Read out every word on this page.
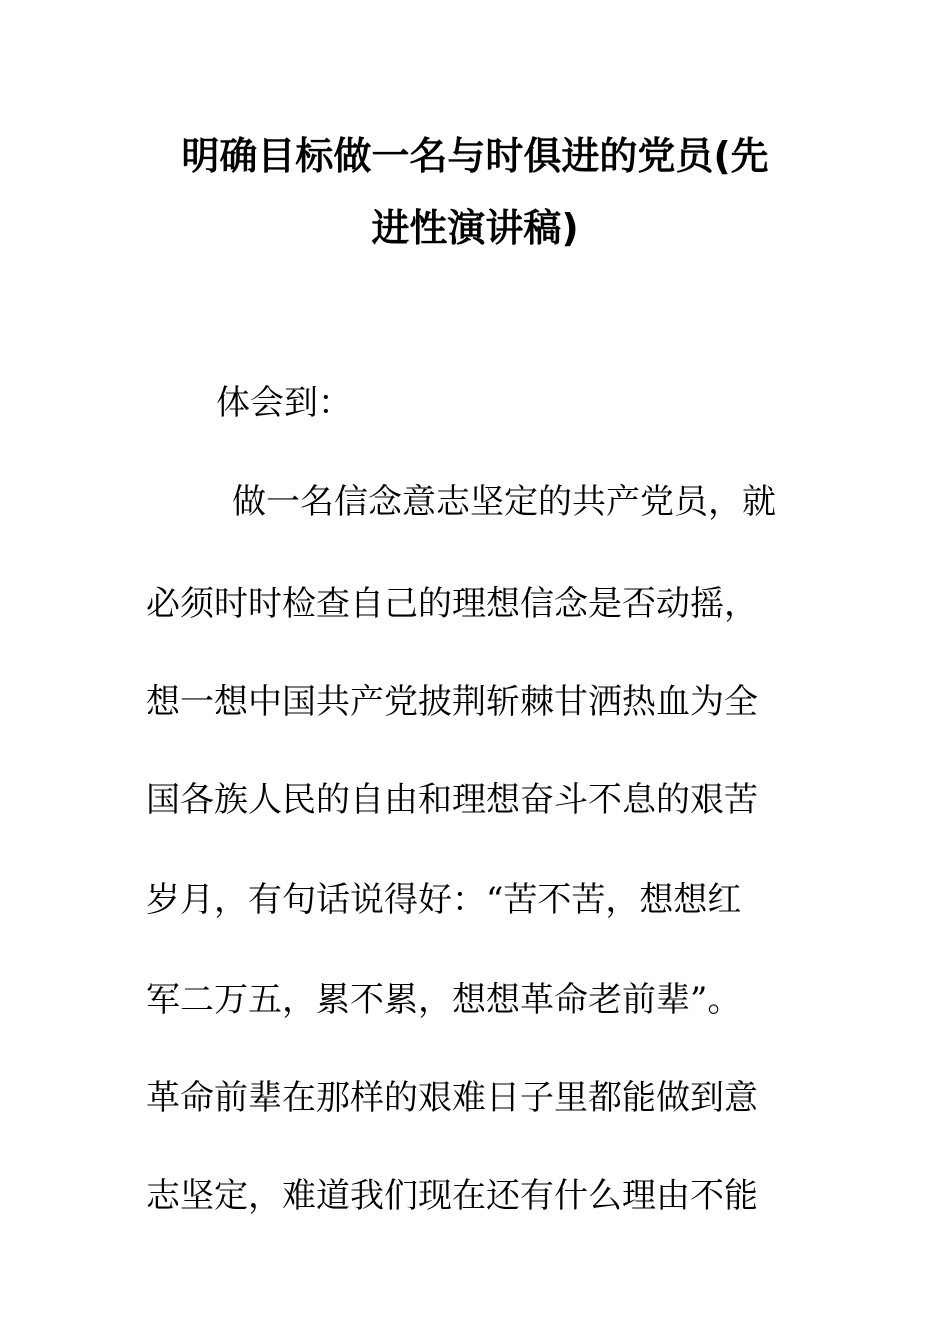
明确目标做一名与时俱进的党员(先
进性演讲稿)
体会到：
做一名信念意志坚定的共产党员，就
必须时时检查自己的理想信念是否动摇，
想一想中国共产党披荆斩棘甘洒热血为全
国各族人民的自由和理想奋斗不息的艰苦
岁月，有句话说得好：“苦不苦，想想红
军二万五，累不累，想想革命老前辈”。
革命前辈在那样的艰难日子里都能做到意
志坚定，难道我们现在还有什么理由不能
